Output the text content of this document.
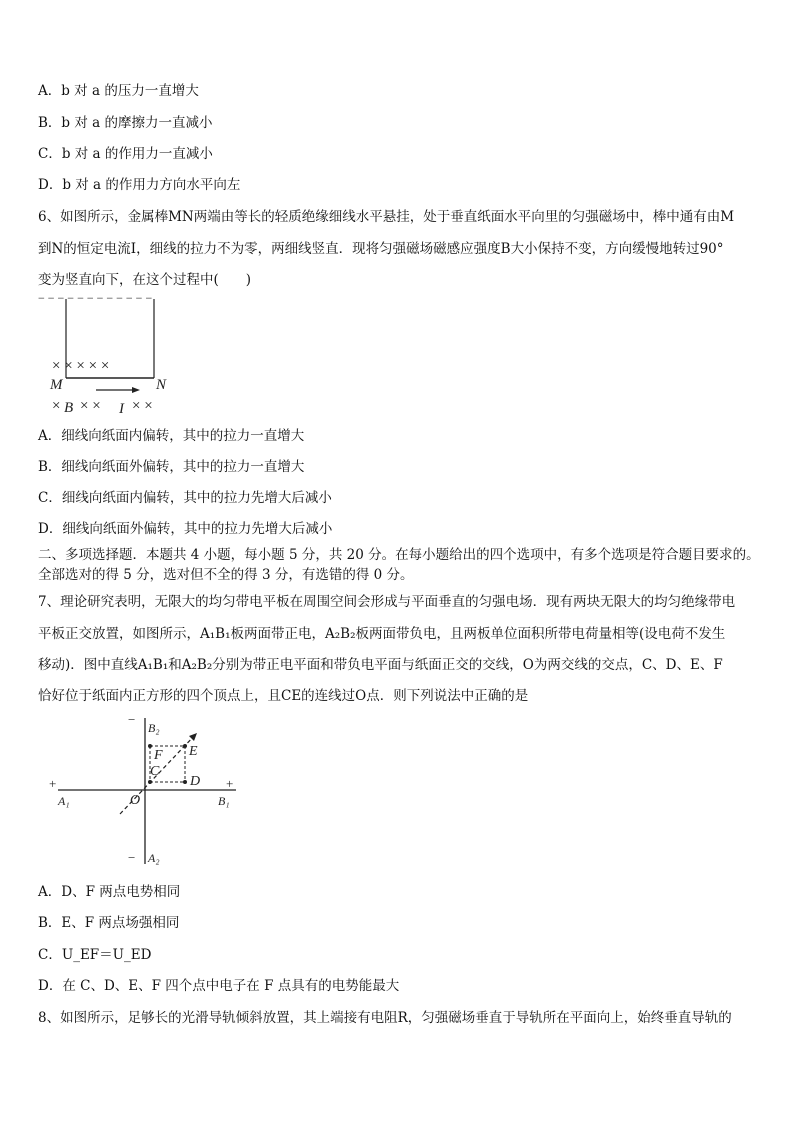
A．b 对 a 的压力一直增大
B．b 对 a 的摩擦力一直减小
C．b 对 a 的作用力一直减小
D．b 对 a 的作用力方向水平向左
6、如图所示，金属棒MN两端由等长的轻质绝缘细线水平悬挂，处于垂直纸面水平向里的匀强磁场中，棒中通有由M
到N的恒定电流I，细线的拉力不为零，两细线竖直．现将匀强磁场磁感应强度B大小保持不变，方向缓慢地转过90°
变为竖直向下，在这个过程中(　　)
− − − − − − − − − − − −
× × × × ×
M	N
× B × × I × ×
A．细线向纸面内偏转，其中的拉力一直增大
B．细线向纸面外偏转，其中的拉力一直增大
C．细线向纸面内偏转，其中的拉力先增大后减小
D．细线向纸面外偏转，其中的拉力先增大后减小
二、多项选择题．本题共 4 小题，每小题 5 分，共 20 分。在每小题给出的四个选项中，有多个选项是符合题目要求的。
全部选对的得 5 分，选对但不全的得 3 分，有选错的得 0 分。
7、理论研究表明，无限大的均匀带电平板在周围空间会形成与平面垂直的匀强电场．现有两块无限大的均匀绝缘带电
平板正交放置，如图所示，A₁B₁板两面带正电，A₂B₂板两面带负电，且两板单位面积所带电荷量相等(设电荷不发生
移动)．图中直线A₁B₁和A₂B₂分别为带正电平面和带负电平面与纸面正交的交线，O为两交线的交点，C、D、E、F
恰好位于纸面内正方形的四个顶点上，且CE的连线过O点．则下列说法中正确的是
+	+
−
−
A₁	B₁
B₂
A₂
O
C
D
E
F
A．D、F 两点电势相同
B．E、F 两点场强相同
C．U_EF＝U_ED
D．在 C、D、E、F 四个点中电子在 F 点具有的电势能最大
8、如图所示，足够长的光滑导轨倾斜放置，其上端接有电阻R，匀强磁场垂直于导轨所在平面向上，始终垂直导轨的
